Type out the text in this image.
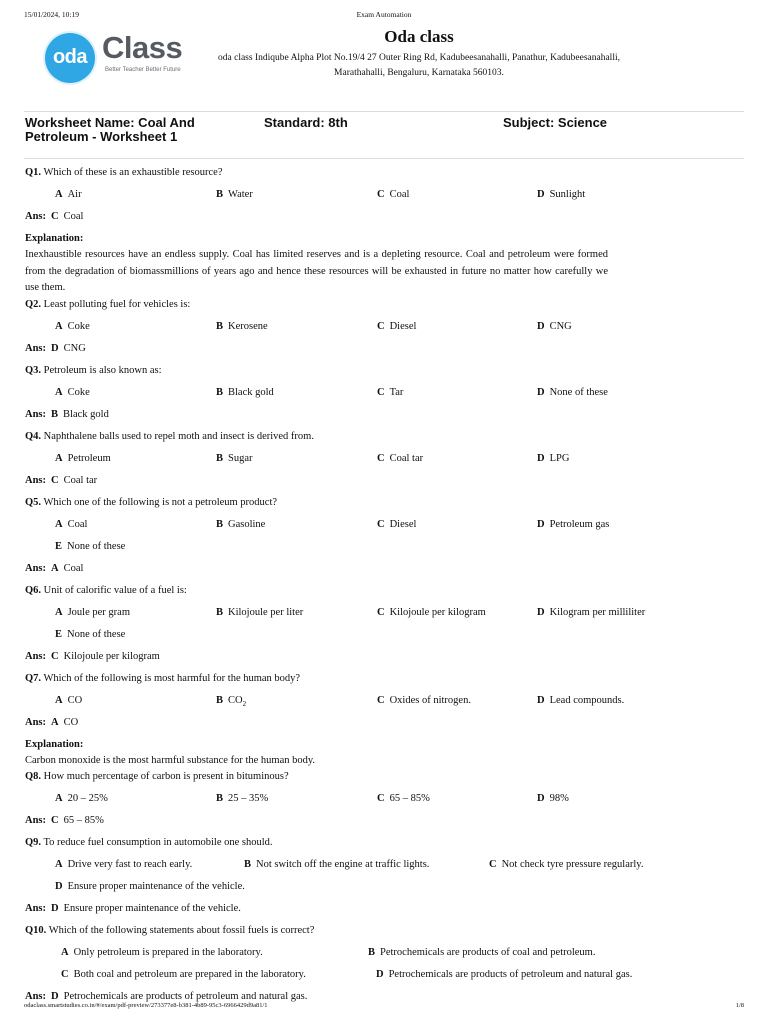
15/01/2024, 10:19	Exam Automation
oda Class
Better Teacher Better Future
Oda class
oda class Indiqube Alpha Plot No.19/4 27 Outer Ring Rd, Kadubeesanahalli, Panathur, Kadubeesanahalli,
Marathahalli, Bengaluru, Karnataka 560103.
Worksheet Name: Coal And Petroleum - Worksheet 1
Standard: 8th	Subject: Science
Q1. Which of these is an exhaustible resource?
A Air	B Water	C Coal	D Sunlight
Ans: C Coal
Explanation:
Inexhaustible resources have an endless supply. Coal has limited reserves and is a depleting resource. Coal and petroleum were formed from the degradation of biomassmillions of years ago and hence these resources will be exhausted in future no matter how carefully we use them.
Q2. Least polluting fuel for vehicles is:
A Coke	B Kerosene	C Diesel	D CNG
Ans: D CNG
Q3. Petroleum is also known as:
A Coke	B Black gold	C Tar	D None of these
Ans: B Black gold
Q4. Naphthalene balls used to repel moth and insect is derived from.
A Petroleum	B Sugar	C Coal tar	D LPG
Ans: C Coal tar
Q5. Which one of the following is not a petroleum product?
A Coal	B Gasoline	C Diesel	D Petroleum gas
E None of these
Ans: A Coal
Q6. Unit of calorific value of a fuel is:
A Joule per gram	B Kilojoule per liter	C Kilojoule per kilogram	D Kilogram per milliliter
E None of these
Ans: C Kilojoule per kilogram
Q7. Which of the following is most harmful for the human body?
A CO	B $CO_2$	C Oxides of nitrogen.	D Lead compounds.
Ans: A CO
Explanation:
Carbon monoxide is the most harmful substance for the human body.
Q8. How much percentage of carbon is present in bituminous?
A 20 – 25%	B 25 – 35%	C 65 – 85%	D 98%
Ans: C 65 – 85%
Q9. To reduce fuel consumption in automobile one should.
A Drive very fast to reach early.	B Not switch off the engine at traffic lights.	C Not check tyre pressure regularly.
D Ensure proper maintenance of the vehicle.
Ans: D Ensure proper maintenance of the vehicle.
Q10. Which of the following statements about fossil fuels is correct?
A Only petroleum is prepared in the laboratory.	B Petrochemicals are products of coal and petroleum.
C Both coal and petroleum are prepared in the laboratory.	D Petrochemicals are products of petroleum and natural gas.
Ans: D Petrochemicals are products of petroleum and natural gas.
odaclass.smartstudies.co.in/#/exam/pdf-preview/273377e8-b381-4b89-95c3-6966429d9a81/1	1/8
